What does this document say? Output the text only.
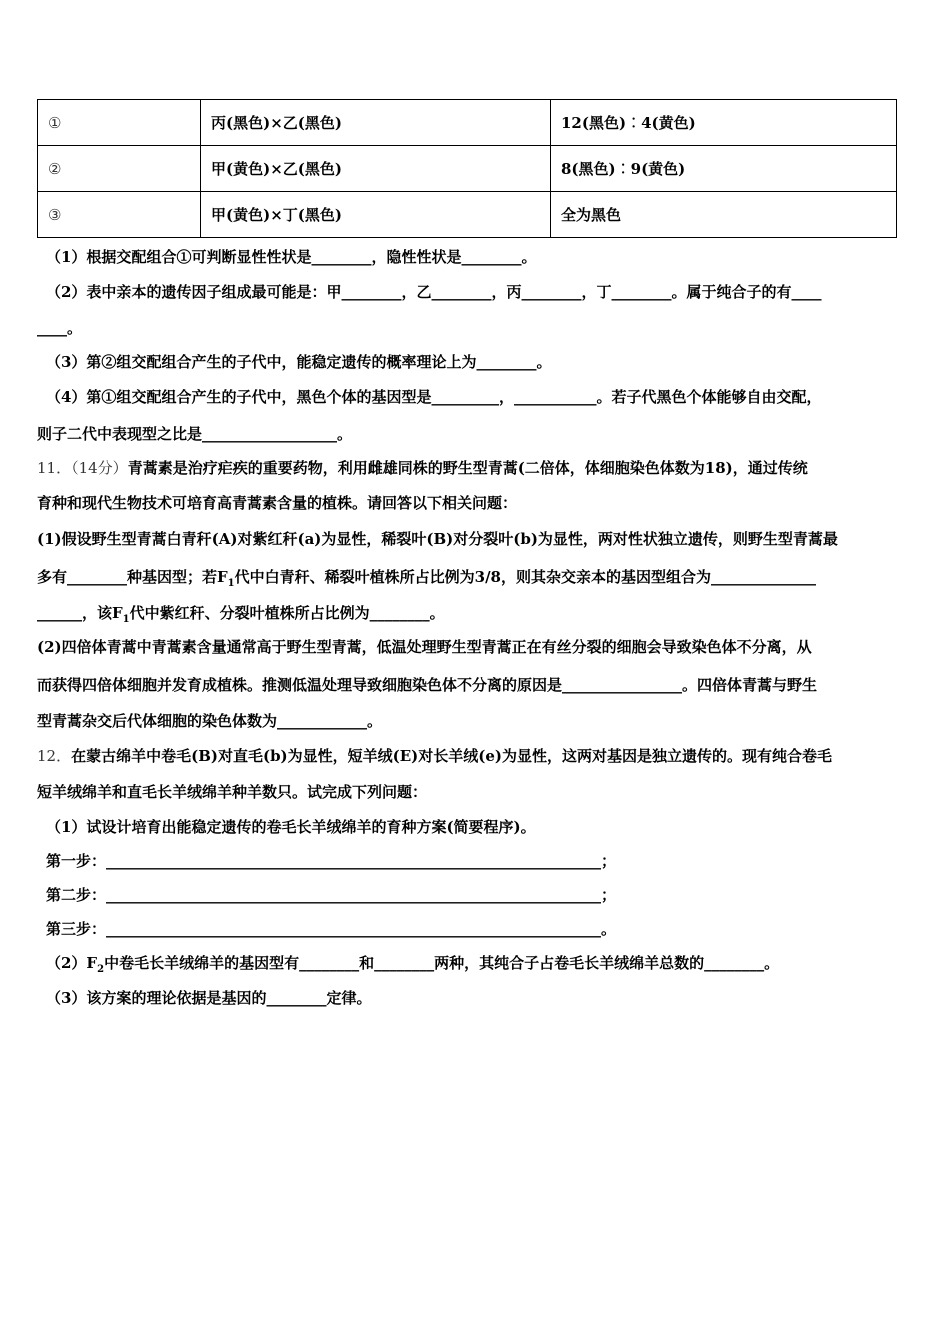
①	丙(黑色)×乙(黑色)	12(黑色)︰4(黄色)
②	甲(黄色)×乙(黑色)	8(黑色)︰9(黄色)
③	甲(黄色)×丁(黑色)	全为黑色
（1）根据交配组合①可判断显性性状是________，隐性性状是________。
（2）表中亲本的遗传因子组成最可能是：甲________，乙________，丙________，丁________。属于纯合子的有____
____。
（3）第②组交配组合产生的子代中，能稳定遗传的概率理论上为________。
（4）第①组交配组合产生的子代中，黑色个体的基因型是_________，___________。若子代黑色个体能够自由交配，
则子二代中表现型之比是__________________。
11．（14分）青蒿素是治疗疟疾的重要药物，利用雌雄同株的野生型青蒿(二倍体，体细胞染色体数为18)，通过传统
育种和现代生物技术可培育高青蒿素含量的植株。请回答以下相关问题：
(1)假设野生型青蒿白青秆(A)对紫红秆(a)为显性，稀裂叶(B)对分裂叶(b)为显性，两对性状独立遗传，则野生型青蒿最
多有________种基因型；若$F_1$代中白青秆、稀裂叶植株所占比例为3/8，则其杂交亲本的基因型组合为______________
______，该$F_1$代中紫红秆、分裂叶植株所占比例为________。
(2)四倍体青蒿中青蒿素含量通常高于野生型青蒿，低温处理野生型青蒿正在有丝分裂的细胞会导致染色体不分离，从
而获得四倍体细胞并发育成植株。推测低温处理导致细胞染色体不分离的原因是________________。四倍体青蒿与野生
型青蒿杂交后代体细胞的染色体数为____________。
12．在蒙古绵羊中卷毛(B)对直毛(b)为显性，短羊绒(E)对长羊绒(e)为显性，这两对基因是独立遗传的。现有纯合卷毛
短羊绒绵羊和直毛长羊绒绵羊种羊数只。试完成下列问题：
（1）试设计培育出能稳定遗传的卷毛长羊绒绵羊的育种方案(简要程序)。
第一步：__________________________________________________________________；
第二步：__________________________________________________________________；
第三步：__________________________________________________________________。
$(2)F_2$中卷毛长羊绒绵羊的基因型有________和________两种，其纯合子占卷毛长羊绒绵羊总数的________。
（3）该方案的理论依据是基因的________定律。
